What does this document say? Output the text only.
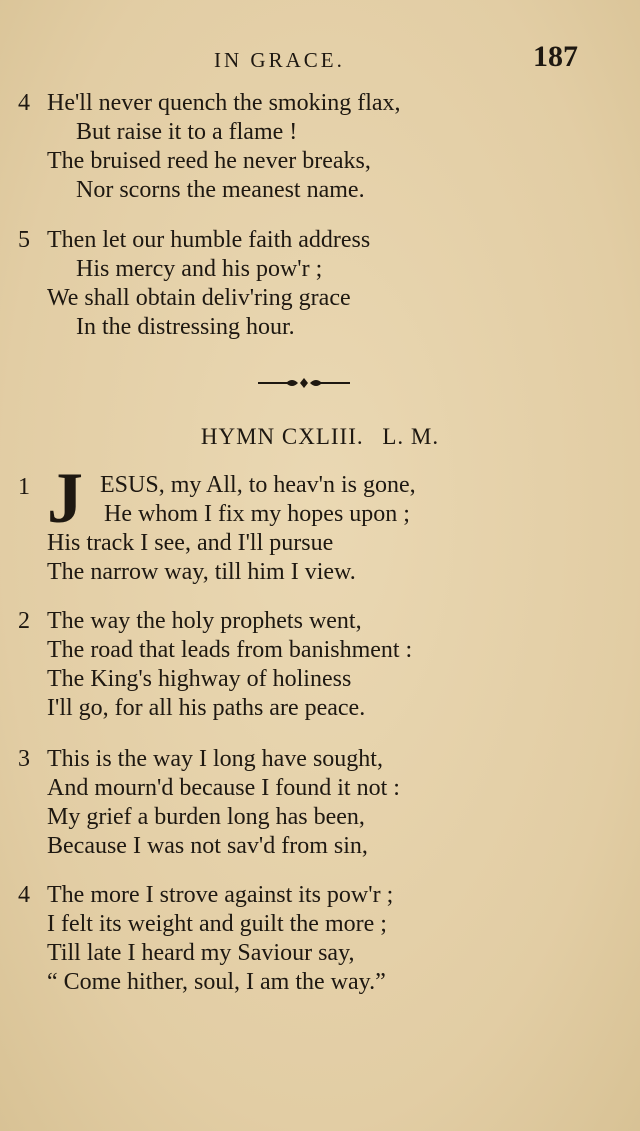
IN GRACE.	187
4 He'll never quench the smoking flax,
But raise it to a flame !
The bruised reed he never breaks,
Nor scorns the meanest name.
5 Then let our humble faith address
His mercy and his pow'r ;
We shall obtain deliv'ring grace
In the distressing hour.
HYMN CXLIII. L. M.
1	ESUS, my All, to heav'n is gone,
He whom I fix my hopes upon ;
His track I see, and I'll pursue
The narrow way, till him I view.
J
2 The way the holy prophets went,
The road that leads from banishment :
The King's highway of holiness
I'll go, for all his paths are peace.
3 This is the way I long have sought,
And mourn'd because I found it not :
My grief a burden long has been,
Because I was not sav'd from sin,
4 The more I strove against its pow'r ;
I felt its weight and guilt the more ;
Till late I heard my Saviour say,
“ Come hither, soul, I am the way.”
